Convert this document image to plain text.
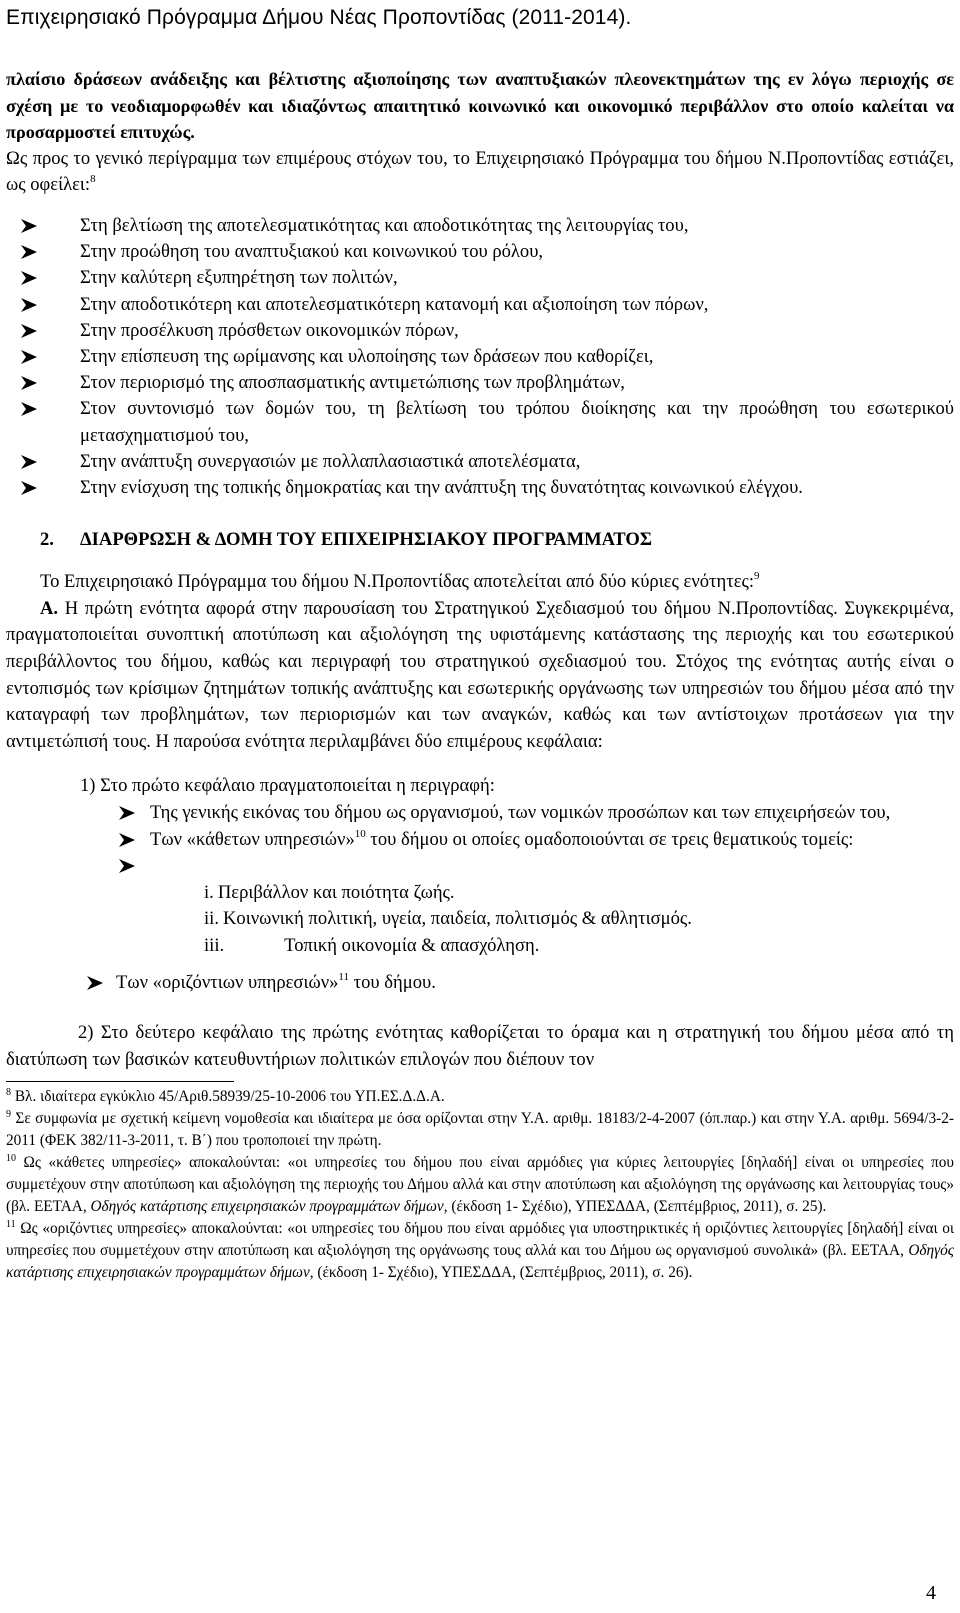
Επιχειρησιακό Πρόγραμμα Δήμου Νέας Προποντίδας (2011-2014).

πλαίσιο δράσεων ανάδειξης και βέλτιστης αξιοποίησης των αναπτυξιακών πλεονεκτημάτων της εν λόγω περιοχής σε σχέση με το νεοδιαμορφωθέν και ιδιαζόντως απαιτητικό κοινωνικό και οικονομικό περιβάλλον στο οποίο καλείται να προσαρμοστεί επιτυχώς.

Ως προς το γενικό περίγραμμα των επιμέρους στόχων του, το Επιχειρησιακό Πρόγραμμα του δήμου Ν.Προποντίδας εστιάζει, ως οφείλει:$^8$

Στη βελτίωση της αποτελεσματικότητας και αποδοτικότητας της λειτουργίας του,
Στην προώθηση του αναπτυξιακού και κοινωνικού του ρόλου,
Στην καλύτερη εξυπηρέτηση των πολιτών,
Στην αποδοτικότερη και αποτελεσματικότερη κατανομή και αξιοποίηση των πόρων,
Στην προσέλκυση πρόσθετων οικονομικών πόρων,
Στην επίσπευση της ωρίμανσης και υλοποίησης των δράσεων που καθορίζει,
Στον περιορισμό της αποσπασματικής αντιμετώπισης των προβλημάτων,
Στον συντονισμό των δομών του, τη βελτίωση του τρόπου διοίκησης και την προώθηση του εσωτερικού μετασχηματισμού του,
Στην ανάπτυξη συνεργασιών με πολλαπλασιαστικά αποτελέσματα,
Στην ενίσχυση της τοπικής δημοκρατίας και την ανάπτυξη της δυνατότητας κοινωνικού ελέγχου.
2. ΔΙΑΡΘΡΩΣΗ & ΔΟΜΗ ΤΟΥ ΕΠΙΧΕΙΡΗΣΙΑΚΟΥ ΠΡΟΓΡΑΜΜΑΤΟΣ

Το Επιχειρησιακό Πρόγραμμα του δήμου Ν.Προποντίδας αποτελείται από δύο κύριες ενότητες:$^9$

Α. Η πρώτη ενότητα αφορά στην παρουσίαση του Στρατηγικού Σχεδιασμού του δήμου Ν.Προποντίδας. Συγκεκριμένα, πραγματοποιείται συνοπτική αποτύπωση και αξιολόγηση της υφιστάμενης κατάστασης της περιοχής και του εσωτερικού περιβάλλοντος του δήμου, καθώς και περιγραφή του στρατηγικού σχεδιασμού του. Στόχος της ενότητας αυτής είναι ο εντοπισμός των κρίσιμων ζητημάτων τοπικής ανάπτυξης και εσωτερικής οργάνωσης των υπηρεσιών του δήμου μέσα από την καταγραφή των προβλημάτων, των περιορισμών και των αναγκών, καθώς και των αντίστοιχων προτάσεων για την αντιμετώπισή τους. Η παρούσα ενότητα περιλαμβάνει δύο επιμέρους κεφάλαια:

1) Στο πρώτο κεφάλαιο πραγματοποιείται η περιγραφή:
Της γενικής εικόνας του δήμου ως οργανισμού, των νομικών προσώπων και των επιχειρήσεών του,
Των «κάθετων υπηρεσιών»$^{10}$ του δήμου οι οποίες ομαδοποιούνται σε τρεις θεματικούς τομείς:
i. Περιβάλλον και ποιότητα ζωής.
ii. Κοινωνική πολιτική, υγεία, παιδεία, πολιτισμός & αθλητισμός.
iii.	Τοπική οικονομία & απασχόληση.
Των «οριζόντιων υπηρεσιών»$^{11}$ του δήμου.

2) Στο δεύτερο κεφάλαιο της πρώτης ενότητας καθορίζεται το όραμα και η στρατηγική του δήμου μέσα από τη διατύπωση των βασικών κατευθυντήριων πολιτικών επιλογών που διέπουν τον

$^8$ Βλ. ιδιαίτερα εγκύκλιο 45/Αριθ.58939/25-10-2006 του ΥΠ.ΕΣ.Δ.Δ.Α.

$^9$ Σε συμφωνία με σχετική κείμενη νομοθεσία και ιδιαίτερα με όσα ορίζονται στην Υ.Α. αριθμ. 18183/2-4-2007 (όπ.παρ.) και στην Υ.Α. αριθμ. 5694/3-2-2011 (ΦΕΚ 382/11-3-2011, τ. Β΄) που τροποποιεί την πρώτη.

$^{10}$ Ως «κάθετες υπηρεσίες» αποκαλούνται: «οι υπηρεσίες του δήμου που είναι αρμόδιες για κύριες λειτουργίες [δηλαδή] είναι οι υπηρεσίες που συμμετέχουν στην αποτύπωση και αξιολόγηση της περιοχής του Δήμου αλλά και στην αποτύπωση και αξιολόγηση της οργάνωσης και λειτουργίας τους» (βλ. ΕΕΤΑΑ, Οδηγός κατάρτισης επιχειρησιακών προγραμμάτων δήμων, (έκδοση 1- Σχέδιο), ΥΠΕΣΔΔΑ, (Σεπτέμβριος, 2011), σ. 25).

$^{11}$ Ως «οριζόντιες υπηρεσίες» αποκαλούνται: «οι υπηρεσίες του δήμου που είναι αρμόδιες για υποστηρικτικές ή οριζόντιες λειτουργίες [δηλαδή] είναι οι υπηρεσίες που συμμετέχουν στην αποτύπωση και αξιολόγηση της οργάνωσης τους αλλά και του Δήμου ως οργανισμού συνολικά» (βλ. ΕΕΤΑΑ, Οδηγός κατάρτισης επιχειρησιακών προγραμμάτων δήμων, (έκδοση 1- Σχέδιο), ΥΠΕΣΔΔΑ, (Σεπτέμβριος, 2011), σ. 26).

4
